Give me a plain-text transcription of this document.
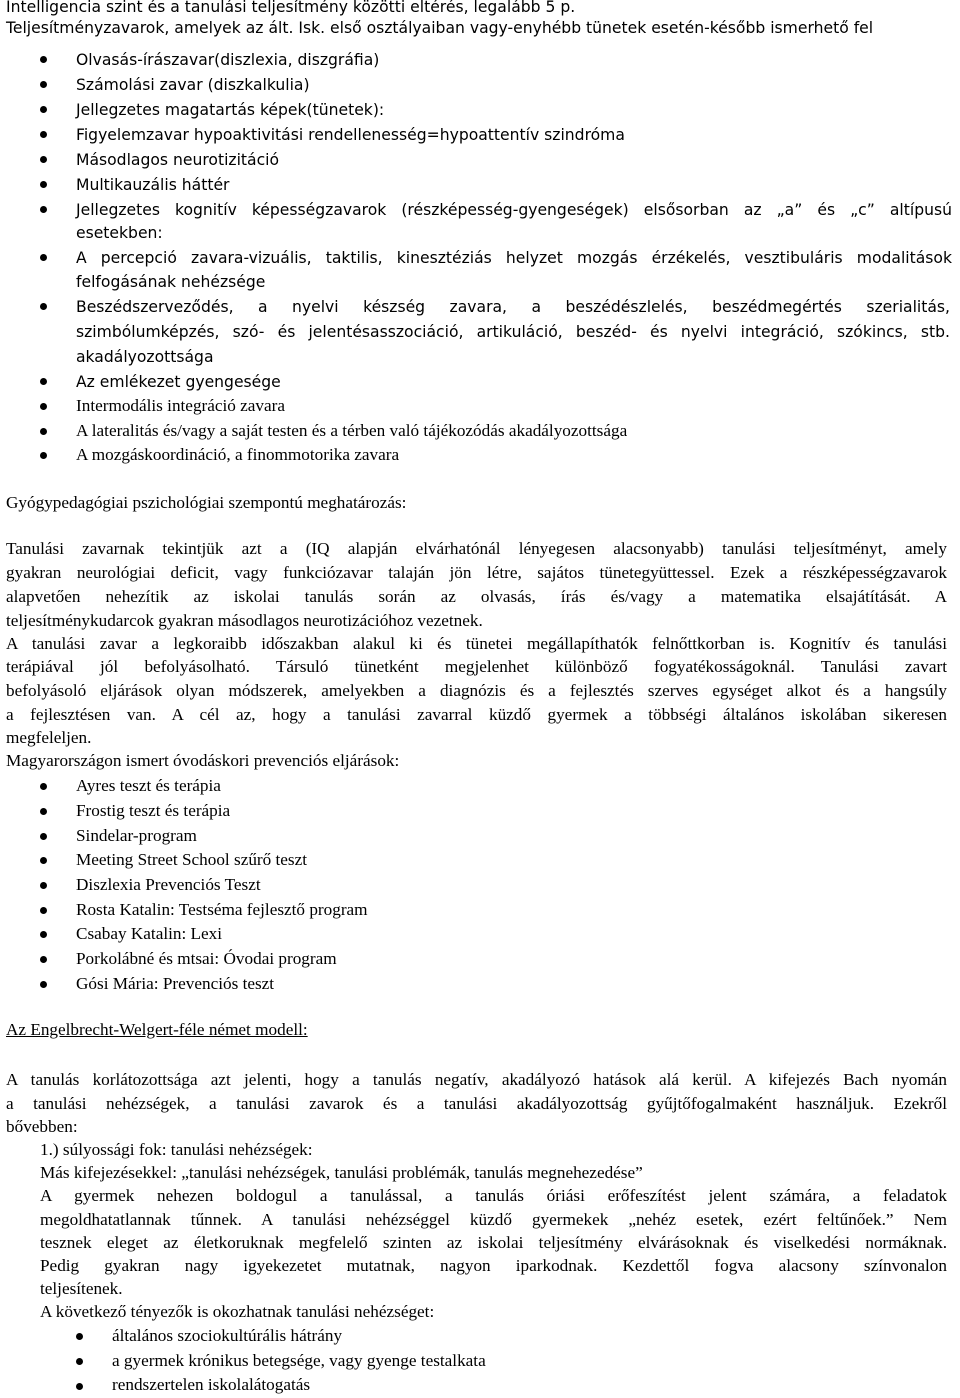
Intelligencia szint és a tanulási teljesítmény közötti eltérés, legalább 5 p.
Teljesítményzavarok, amelyek az ált. Isk. első osztályaiban vagy-enyhébb tünetek esetén-később ismerhető fel
Olvasás-írászavar(diszlexia, diszgráfia)
Számolási zavar (diszkalkulia)
Jellegzetes magatartás képek(tünetek):
Figyelemzavar hypoaktivitási rendellenesség=hypoattentív szindróma
Másodlagos neurotizitáció
Multikauzális háttér
Jellegzetes kognitív képességzavarok (részképesség-gyengeségek) elsősorban az „a” és „c” altípusú
esetekben:
A percepció zavara-vizuális, taktilis, kinesztéziás helyzet mozgás érzékelés, vesztibuláris modalitások
felfogásának nehézsége
Beszédszerveződés, a nyelvi készség zavara, a beszédészlelés, beszédmegértés szerialitás,
szimbólumképzés, szó- és jelentésasszociáció, artikuláció, beszéd- és nyelvi integráció, szókincs, stb.
akadályozottsága
Az emlékezet gyengesége
Intermodális integráció zavara
A lateralitás és/vagy a saját testen és a térben való tájékozódás akadályozottsága
A mozgáskoordináció, a finommotorika zavara
Gyógypedagógiai pszichológiai szempontú meghatározás:
Tanulási zavarnak tekintjük azt a (IQ alapján elvárhatónál lényegesen alacsonyabb) tanulási teljesítményt, amely
gyakran neurológiai deficit, vagy funkciózavar talaján jön létre, sajátos tünetegyüttessel. Ezek a részképességzavarok
alapvetően nehezítik az iskolai tanulás során az olvasás, írás és/vagy a matematika elsajátítását. A
teljesítménykudarcok gyakran másodlagos neurotizációhoz vezetnek.
A tanulási zavar a legkoraibb időszakban alakul ki és tünetei megállapíthatók felnőttkorban is. Kognitív és tanulási
terápiával jól befolyásolható. Társuló tünetként megjelenhet különböző fogyatékosságoknál. Tanulási zavart
befolyásoló eljárások olyan módszerek, amelyekben a diagnózis és a fejlesztés szerves egységet alkot és a hangsúly
a fejlesztésen van. A cél az, hogy a tanulási zavarral küzdő gyermek a többségi általános iskolában sikeresen
megfeleljen.
Magyarországon ismert óvodáskori prevenciós eljárások:
Ayres teszt és terápia
Frostig teszt és terápia
Sindelar-program
Meeting Street School szűrő teszt
Diszlexia Prevenciós Teszt
Rosta Katalin: Testséma fejlesztő program
Csabay Katalin: Lexi
Porkolábné és mtsai: Óvodai program
Gósi Mária: Prevenciós teszt
Az Engelbrecht-Welgert-féle német modell:
A tanulás korlátozottsága azt jelenti, hogy a tanulás negatív, akadályozó hatások alá kerül. A kifejezés Bach nyomán
a tanulási nehézségek, a tanulási zavarok és a tanulási akadályozottság gyűjtőfogalmaként használjuk. Ezekről
bővebben:
1.) súlyossági fok: tanulási nehézségek:
Más kifejezésekkel: „tanulási nehézségek, tanulási problémák, tanulás megnehezedése”
A gyermek nehezen boldogul a tanulással, a tanulás óriási erőfeszítést jelent számára, a feladatok
megoldhatatlannak tűnnek. A tanulási nehézséggel küzdő gyermekek „nehéz esetek, ezért feltűnőek.” Nem
tesznek eleget az életkoruknak megfelelő szinten az iskolai teljesítmény elvárásoknak és viselkedési normáknak.
Pedig gyakran nagy igyekezetet mutatnak, nagyon iparkodnak. Kezdettől fogva alacsony színvonalon
teljesítenek.
A következő tényezők is okozhatnak tanulási nehézséget:
általános szociokultúrális hátrány
a gyermek krónikus betegsége, vagy gyenge testalkata
rendszertelen iskolalátogatás
